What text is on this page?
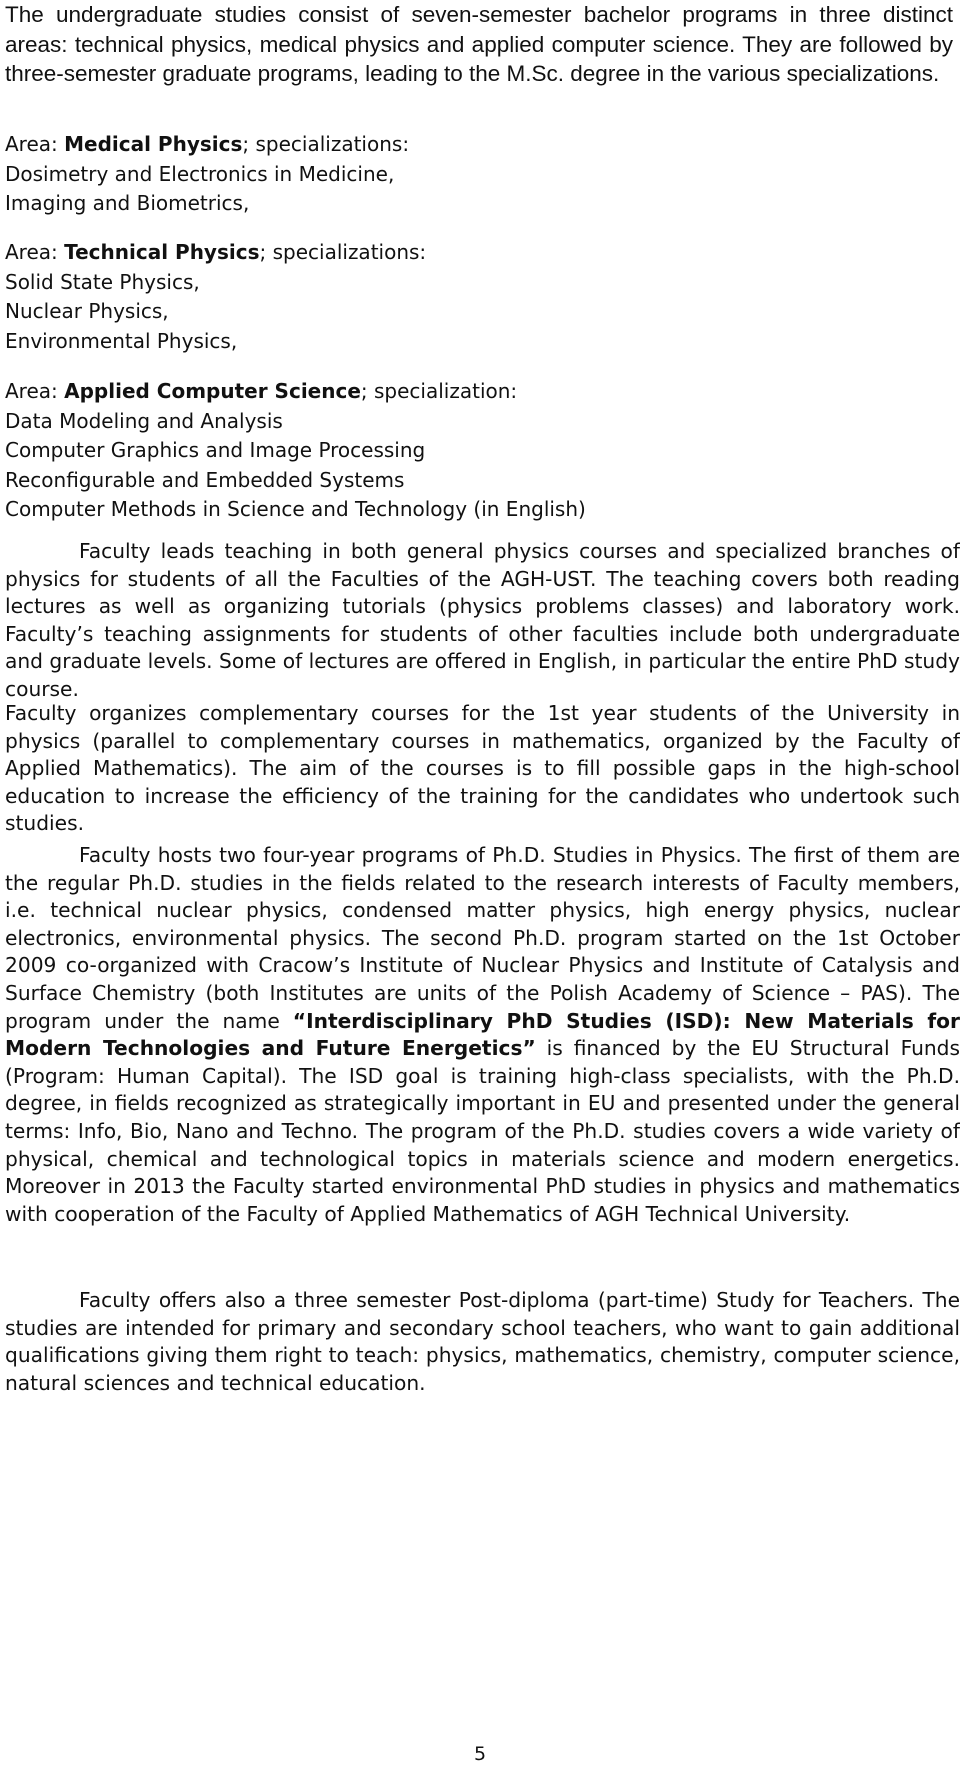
The undergraduate studies consist of seven-semester bachelor programs in three distinct areas: technical physics, medical physics and applied computer science. They are followed by three-semester graduate programs, leading to the M.Sc. degree in the various specializations.

Area: Medical Physics; specializations:
Dosimetry and Electronics in Medicine,
Imaging and Biometrics,
Area: Technical Physics; specializations:
Solid State Physics,
Nuclear Physics,
Environmental Physics,
Area: Applied Computer Science; specialization:
Data Modeling and Analysis
Computer Graphics and Image Processing
Reconfigurable and Embedded Systems
Computer Methods in Science and Technology (in English)

Faculty leads teaching in both general physics courses and specialized branches of physics for students of all the Faculties of the AGH-UST. The teaching covers both reading lectures as well as organizing tutorials (physics problems classes) and laboratory work. Faculty’s teaching assignments for students of other faculties include both undergraduate and graduate levels. Some of lectures are offered in English, in particular the entire PhD study course.

Faculty organizes complementary courses for the 1st year students of the University in physics (parallel to complementary courses in mathematics, organized by the Faculty of Applied Mathematics). The aim of the courses is to fill possible gaps in the high-school education to increase the efficiency of the training for the candidates who undertook such studies.

Faculty hosts two four-year programs of Ph.D. Studies in Physics. The first of them are the regular Ph.D. studies in the fields related to the research interests of Faculty members, i.e. technical nuclear physics, condensed matter physics, high energy physics, nuclear electronics, environmental physics. The second Ph.D. program started on the 1st October 2009 co-organized with Cracow’s Institute of Nuclear Physics and Institute of Catalysis and Surface Chemistry (both Institutes are units of the Polish Academy of Science – PAS). The program under the name “Interdisciplinary PhD Studies (ISD): New Materials for Modern Technologies and Future Energetics” is financed by the EU Structural Funds (Program: Human Capital). The ISD goal is training high-class specialists, with the Ph.D. degree, in fields recognized as strategically important in EU and presented under the general terms: Info, Bio, Nano and Techno. The program of the Ph.D. studies covers a wide variety of physical, chemical and technological topics in materials science and modern energetics. Moreover in 2013 the Faculty started environmental PhD studies in physics and mathematics with cooperation of the Faculty of Applied Mathematics of AGH Technical University.

Faculty offers also a three semester Post-diploma (part-time) Study for Teachers. The studies are intended for primary and secondary school teachers, who want to gain additional qualifications giving them right to teach: physics, mathematics, chemistry, computer science, natural sciences and technical education.

5
